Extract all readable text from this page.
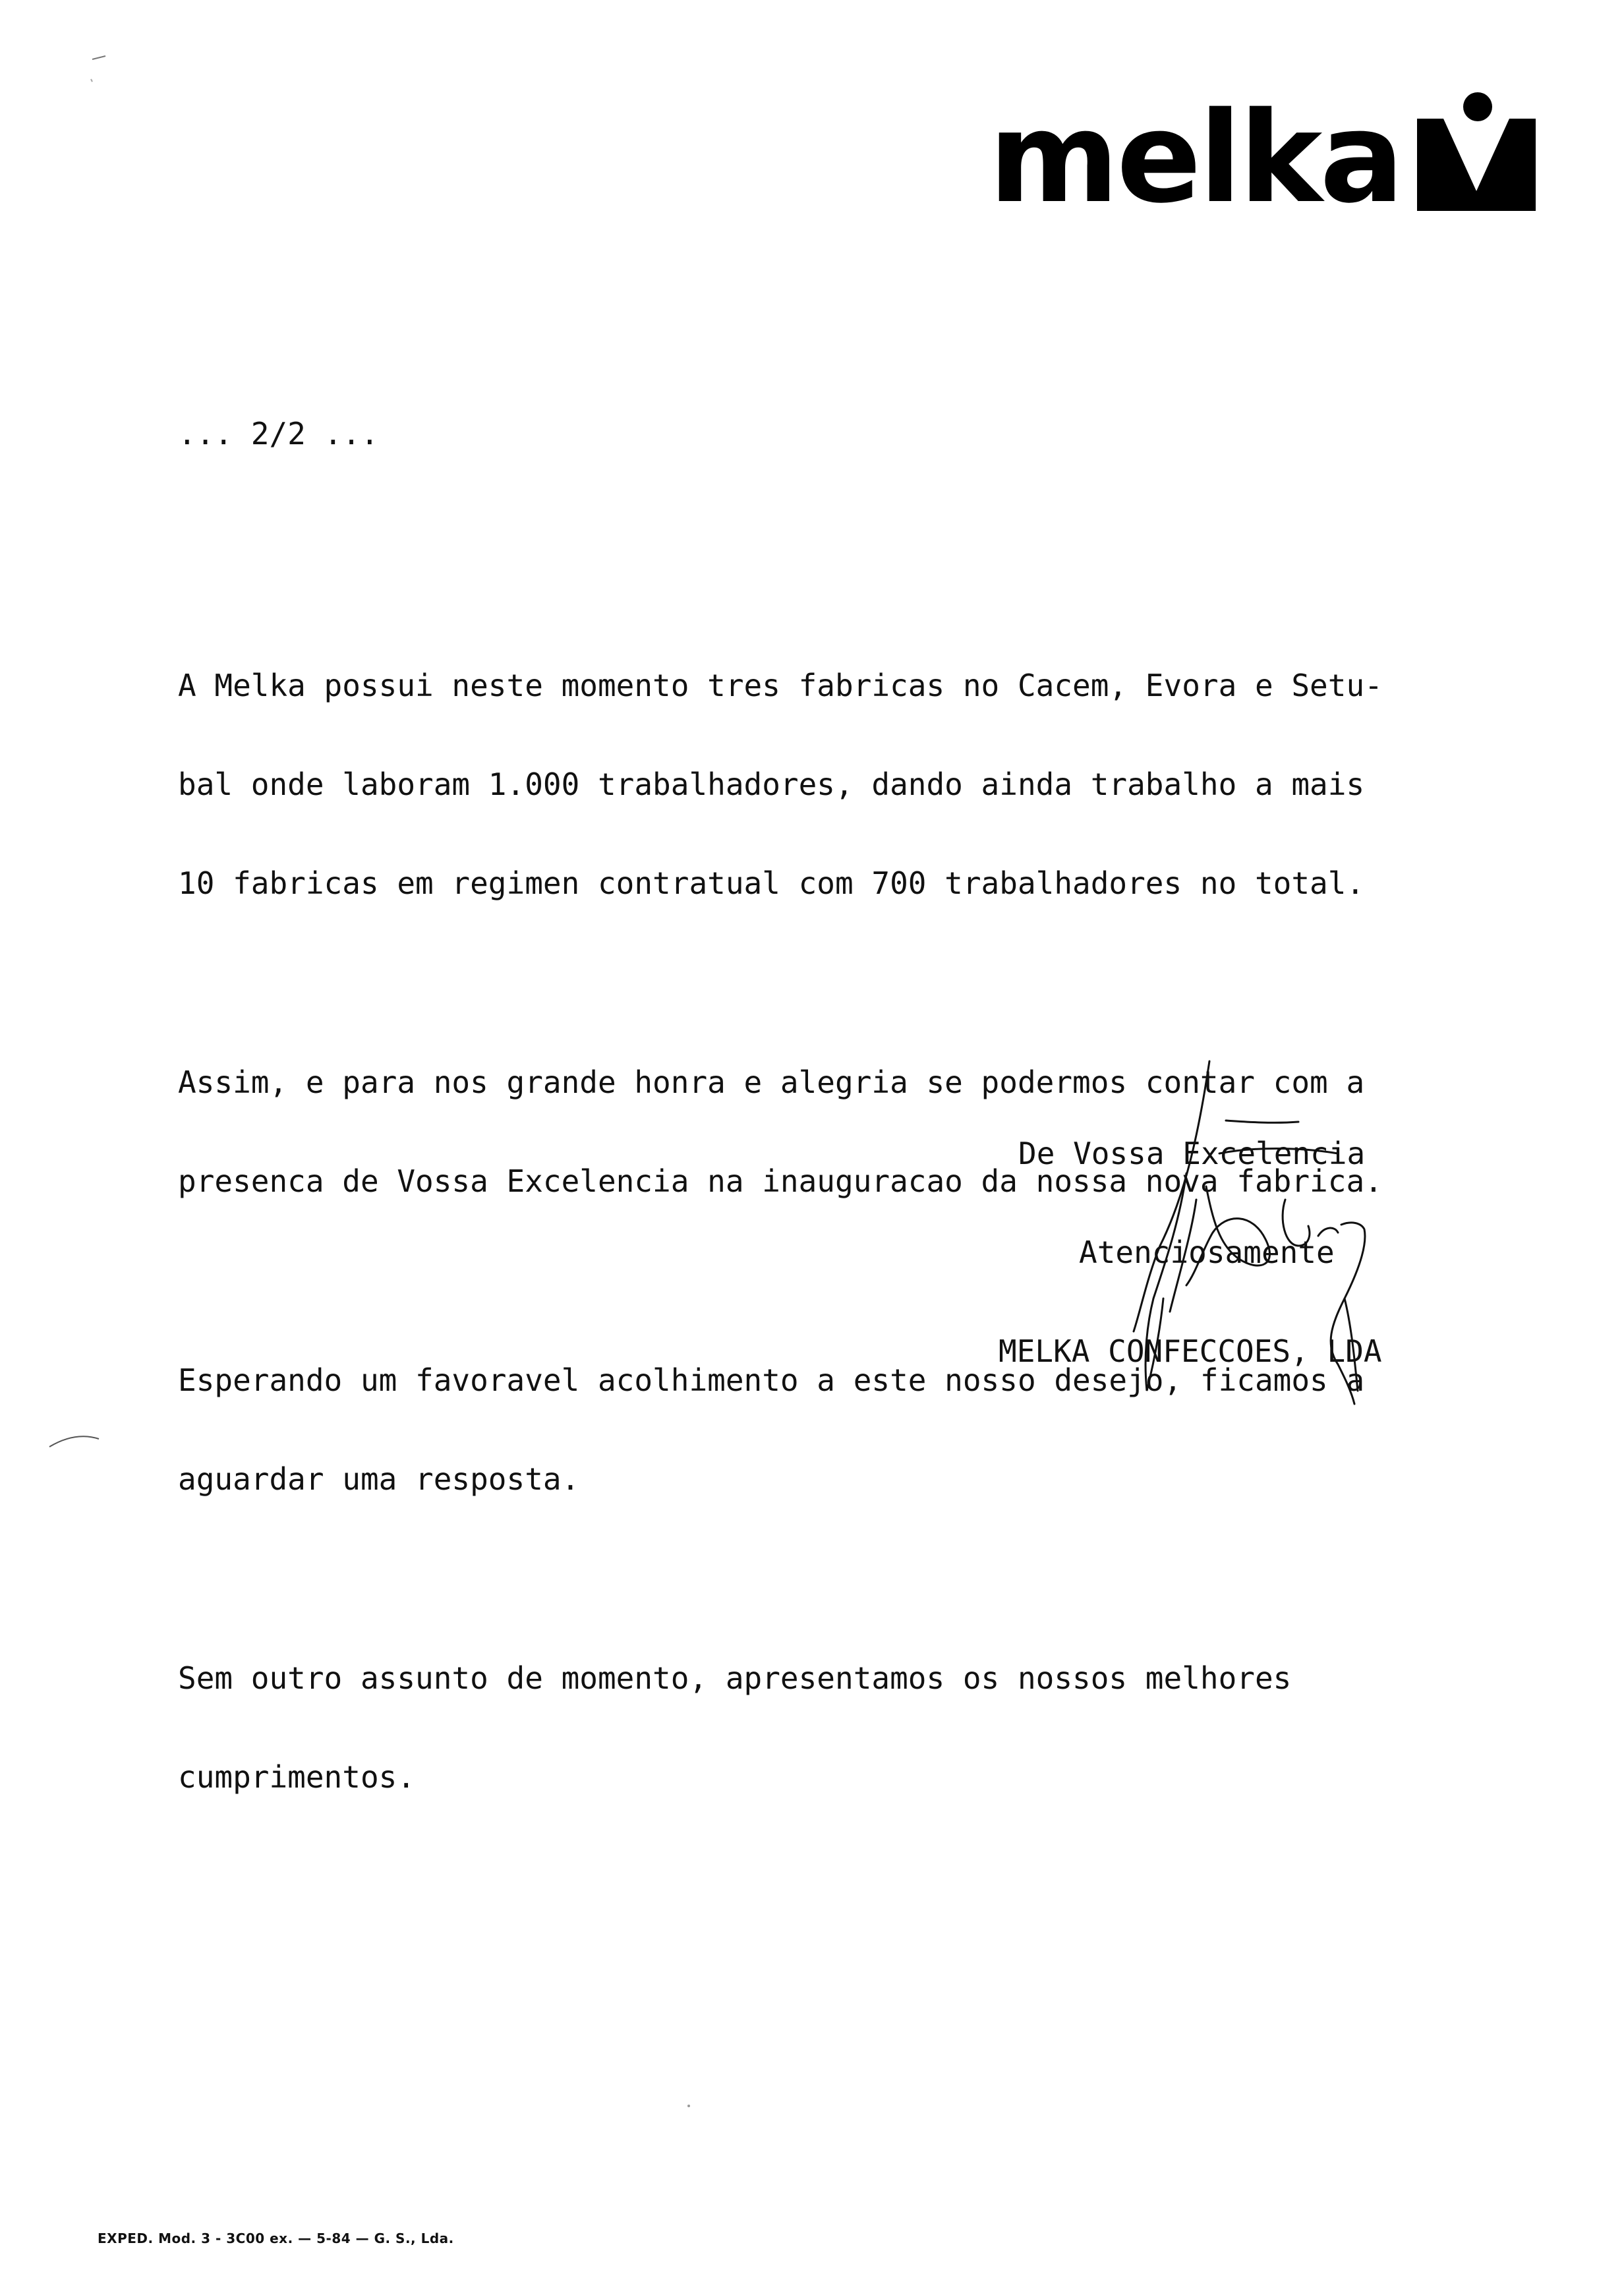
melka
... 2/2 ...

A Melka possui neste momento tres fabricas no Cacem, Evora e Setu-

bal onde laboram 1.000 trabalhadores, dando ainda trabalho a mais

10 fabricas em regimen contratual com 700 trabalhadores no total.

Assim, e para nos grande honra e alegria se podermos contar com a

presenca de Vossa Excelencia na inauguracao da nossa nova fabrica.

Esperando um favoravel acolhimento a este nosso desejo, ficamos a

aguardar uma resposta.

Sem outro assunto de momento, apresentamos os nossos melhores

cumprimentos.

De Vossa Excelencia

Atenciosamente

MELKA CONFECCOES, LDA

EXPED. Mod. 3 - 3C00 ex. — 5-84 — G. S., Lda.
